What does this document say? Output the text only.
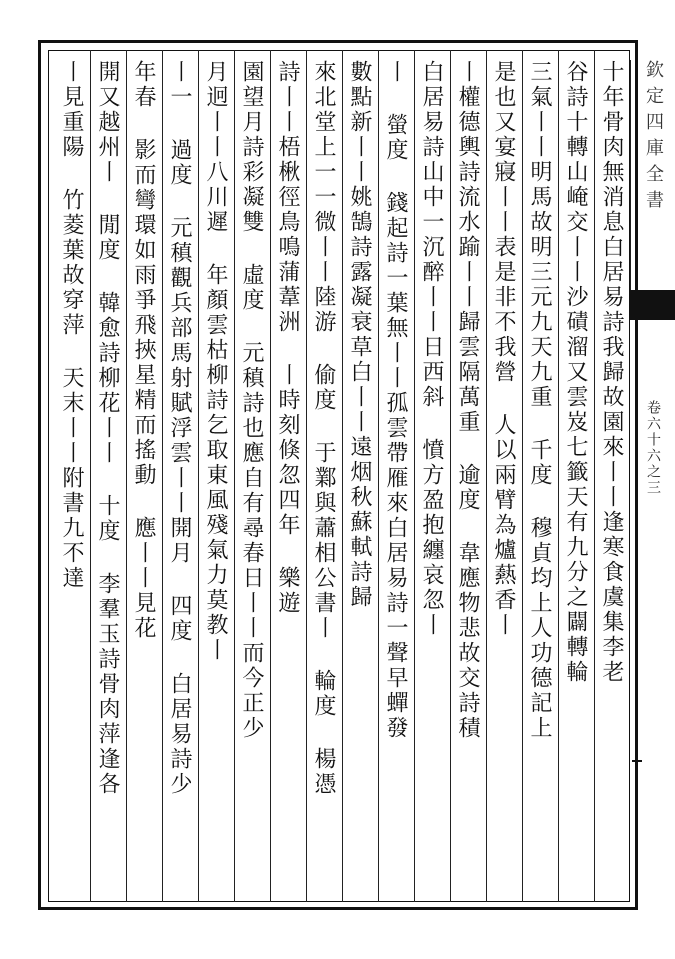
欽定四庫全書
卷六十六之三
十年骨肉無消息白居易詩我歸故園來丨丨逢寒食虞集李老
谷詩十轉山崦交丨丨沙磧溜又雲岌七籤天有九分之闢轉輪
三氣丨丨明馬故明三元九天九重 千度 穆貞均上人功德記上
是也又宴寢丨丨表是非不我營 人以兩臂為爐爇香丨
丨權德輿詩流水踰丨丨歸雲隔萬重 逾度 韋應物悲故交詩積
白居易詩山中一沉醉丨丨日西斜 憤方盈抱纏哀忽丨
丨 螢度 錢起詩一葉無丨丨孤雲帶雁來白居易詩一聲早蟬發
數點新丨丨姚鵠詩露凝衰草白丨丨遠烟秋蘇軾詩歸
來北堂上一一微丨丨陸游 偷度 于鄴與蕭相公書丨 輪度 楊憑
詩丨丨梧楸徑鳥鳴蒲葦洲 丨時刻倏忽四年 樂遊
園望月詩彩凝雙 虛度 元稹詩也應自有尋春日丨丨而今正少
月迥丨丨八川遲 年顏雲枯柳詩乞取東風殘氣力莫教丨
丨一 過度 元稹觀兵部馬射賦浮雲丨丨開月 四度 白居易詩少
年春 影而彎環如雨爭飛挾星精而搖動 應丨丨見花
開又越州丨 閒度 韓愈詩柳花丨丨 十度 李羣玉詩骨肉萍逢各
丨見重陽 竹菱葉故穿萍 天末丨丨附書九不達
